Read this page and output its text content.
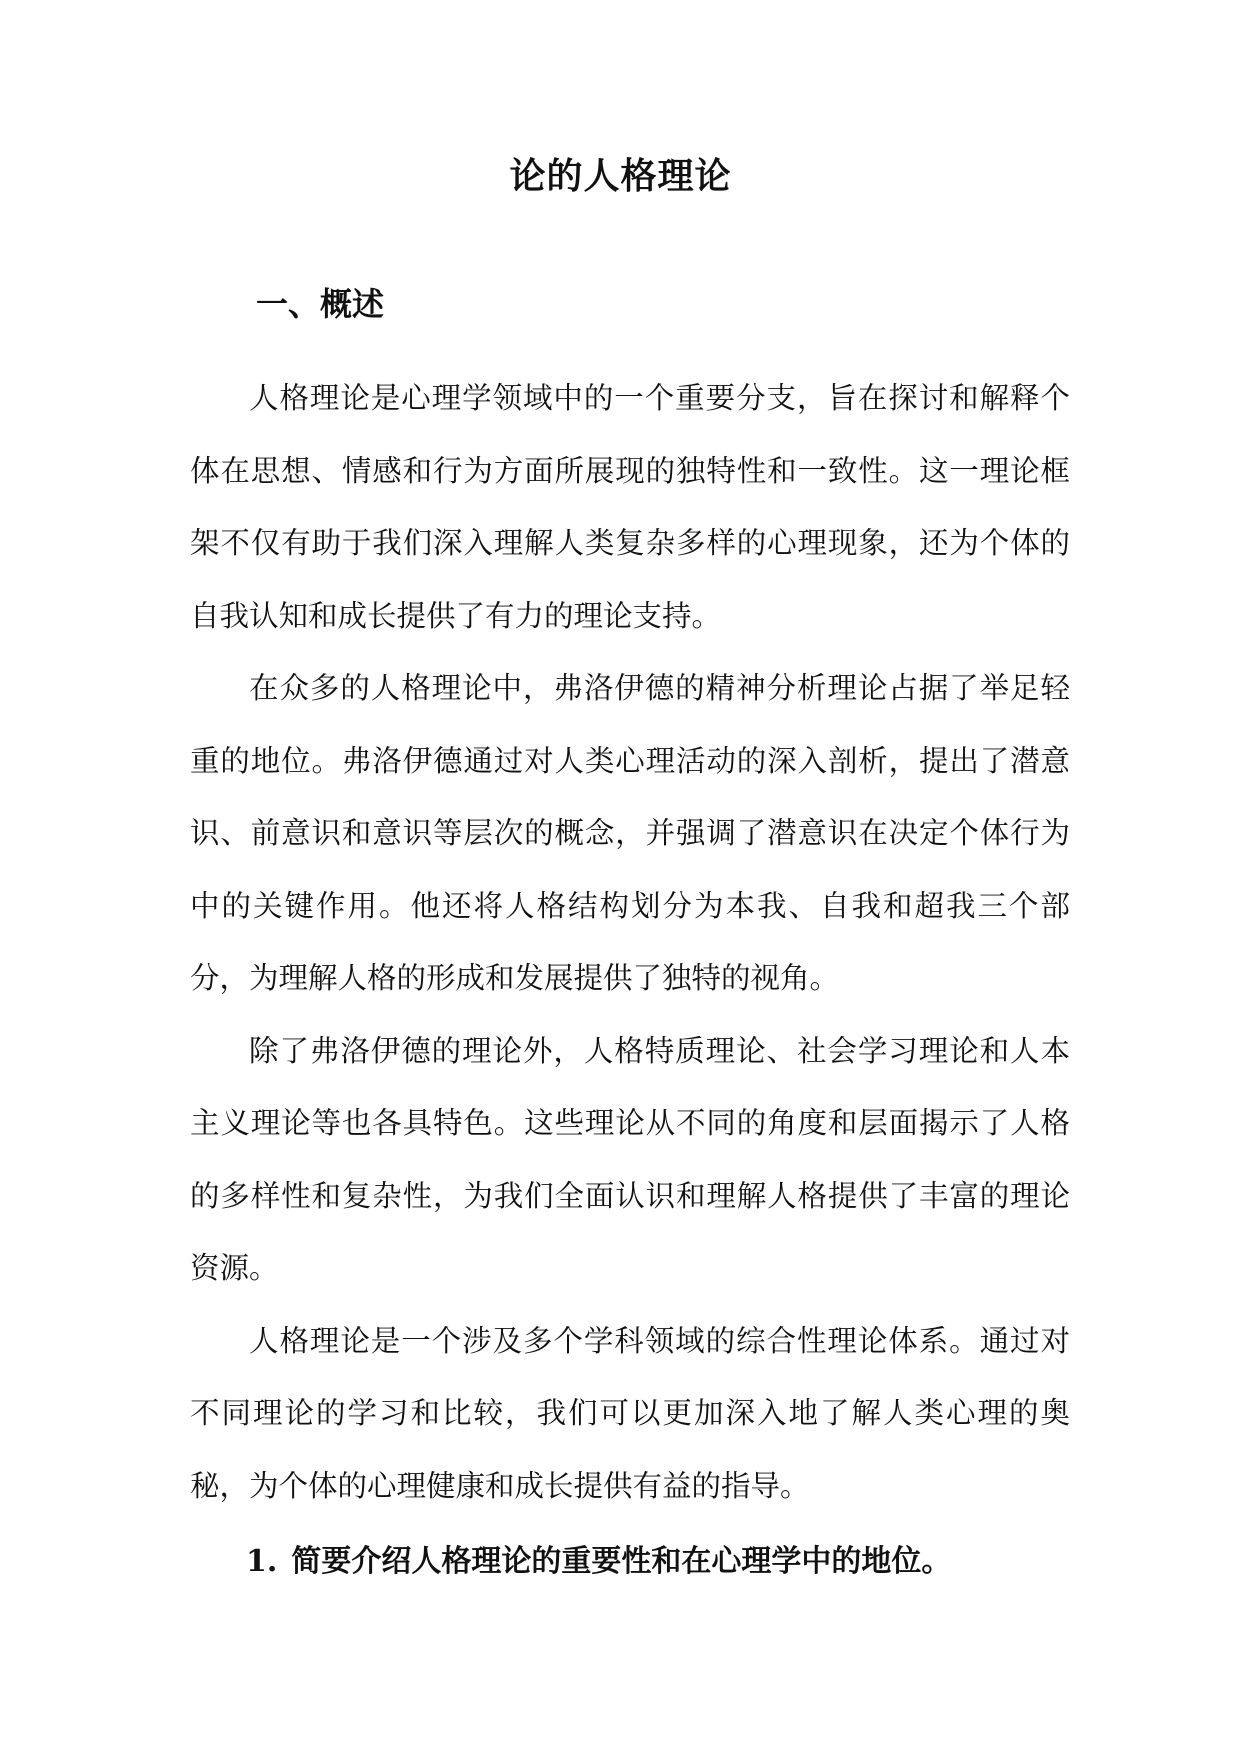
论的人格理论
一、概述

人格理论是心理学领域中的一个重要分支，旨在探讨和解释个体在思想、情感和行为方面所展现的独特性和一致性。这一理论框架不仅有助于我们深入理解人类复杂多样的心理现象，还为个体的自我认知和成长提供了有力的理论支持。

在众多的人格理论中，弗洛伊德的精神分析理论占据了举足轻重的地位。弗洛伊德通过对人类心理活动的深入剖析，提出了潜意识、前意识和意识等层次的概念，并强调了潜意识在决定个体行为中的关键作用。他还将人格结构划分为本我、自我和超我三个部分，为理解人格的形成和发展提供了独特的视角。

除了弗洛伊德的理论外，人格特质理论、社会学习理论和人本主义理论等也各具特色。这些理论从不同的角度和层面揭示了人格的多样性和复杂性，为我们全面认识和理解人格提供了丰富的理论资源。

人格理论是一个涉及多个学科领域的综合性理论体系。通过对不同理论的学习和比较，我们可以更加深入地了解人类心理的奥秘，为个体的心理健康和成长提供有益的指导。

1. 简要介绍人格理论的重要性和在心理学中的地位。
